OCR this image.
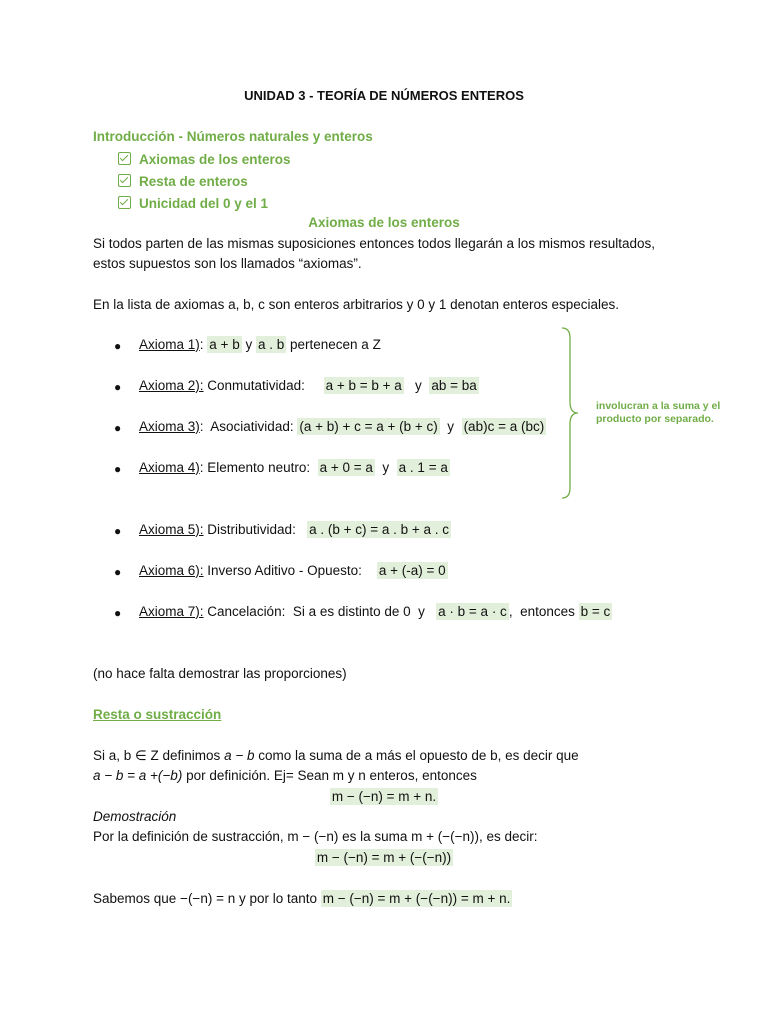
UNIDAD 3 - TEORÍA DE NÚMEROS ENTEROS
Introducción - Números naturales y enteros
Axiomas de los enteros
Resta de enteros
Unicidad del 0 y el 1
Axiomas de los enteros
Si todos parten de las mismas suposiciones entonces todos llegarán a los mismos resultados,
estos supuestos son los llamados “axiomas”.
En la lista de axiomas a, b, c son enteros arbitrarios y 0 y 1 denotan enteros especiales.
● Axioma 1): a + b y a . b pertenecen a Z
● Axioma 2): Conmutatividad:     a + b = b + a   y  ab = ba
● Axioma 3):  Asociatividad: (a + b) + c = a + (b + c)  y  (ab)c = a (bc)
● Axioma 4): Elemento neutro:  a + 0 = a  y  a . 1 = a
involucran a la suma y el producto por separado.
● Axioma 5): Distributividad:   a . (b + c) = a . b + a . c
● Axioma 6): Inverso Aditivo - Opuesto:    a + (-a) = 0
● Axioma 7): Cancelación:  Si a es distinto de 0  y   a · b = a · c ,  entonces b = c
(no hace falta demostrar las proporciones)
Resta o sustracción
Si a, b ∈ Z definimos a − b como la suma de a más el opuesto de b, es decir que
a − b = a +(−b) por definición. Ej= Sean m y n enteros, entonces
m − (−n) = m + n.
Demostración
Por la definición de sustracción, m − (−n) es la suma m + (−(−n)), es decir:
m − (−n) = m + (−(−n))
Sabemos que −(−n) = n y por lo tanto m − (−n) = m + (−(−n)) = m + n.
